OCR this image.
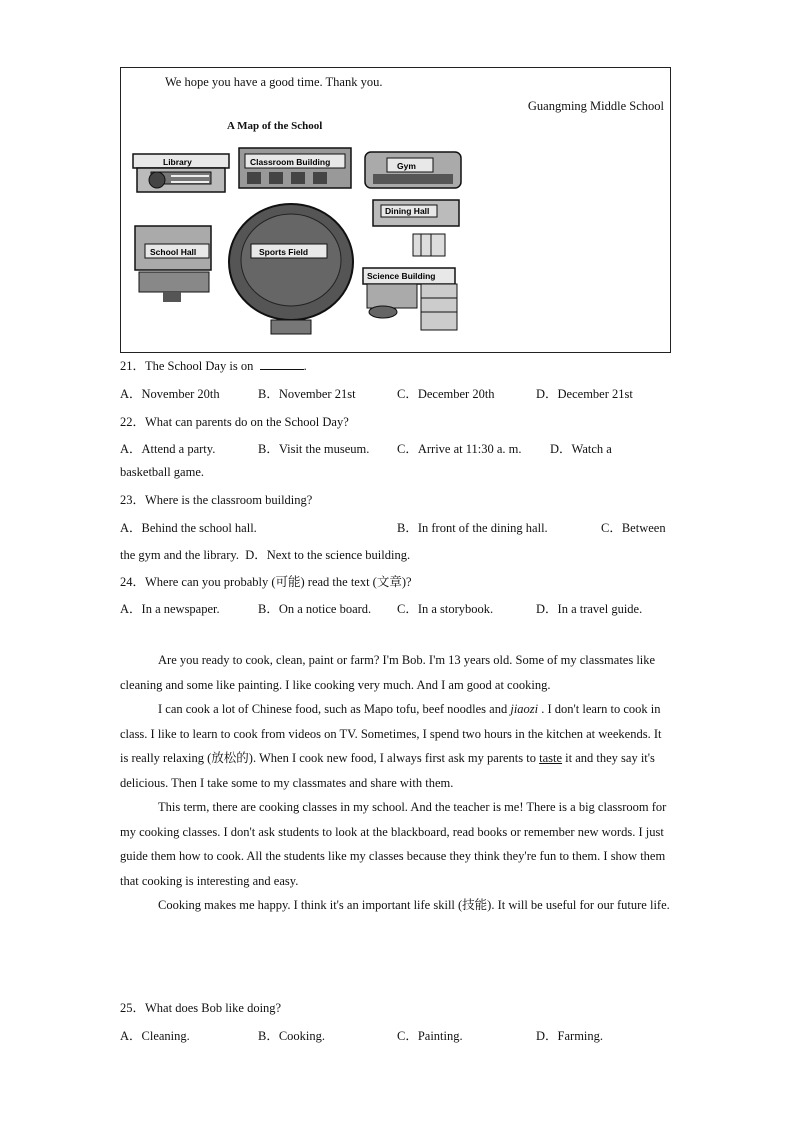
We hope you have a good time. Thank you.
Guangming Middle School
A Map of the School
Library	Classroom Building	Gym
Dining Hall
School Hall	Sports Field
Science Building
21．The School Day is on	.
A．November 20th	B．November 21st	C．December 20th	D．December 21st
22．What can parents do on the School Day?
A．Attend a party.	B．Visit the museum. C．Arrive at 11:30 a. m. D．Watch a
basketball game.
23．Where is the classroom building?
A．Behind the school hall.	B．In front of the dining hall.	C．Between
the gym and the library. D．Next to the science building.
24．Where can you probably (可能) read the text (文章)?
A．In a newspaper.	B．On a notice board. C．In a storybook.	D．In a travel guide.
Are you ready to cook, clean, paint or farm? I'm Bob. I'm 13 years old. Some of my classmates like cleaning and some like painting. I like cooking very much. And I am good at cooking.
I can cook a lot of Chinese food, such as Mapo tofu, beef noodles and jiaozi . I don't learn to cook in class. I like to learn to cook from videos on TV. Sometimes, I spend two hours in the kitchen at weekends. It is really relaxing (放松的). When I cook new food, I always first ask my parents to taste it and they say it's delicious. Then I take some to my classmates and share with them.
This term, there are cooking classes in my school. And the teacher is me! There is a big classroom for my cooking classes. I don't ask students to look at the blackboard, read books or remember new words. I just guide them how to cook. All the students like my classes because they think they're fun to them. I show them that cooking is interesting and easy.
Cooking makes me happy. I think it's an important life skill (技能). It will be useful for our future life.
25．What does Bob like doing?
A．Cleaning.	B．Cooking.	C．Painting.	D．Farming.
